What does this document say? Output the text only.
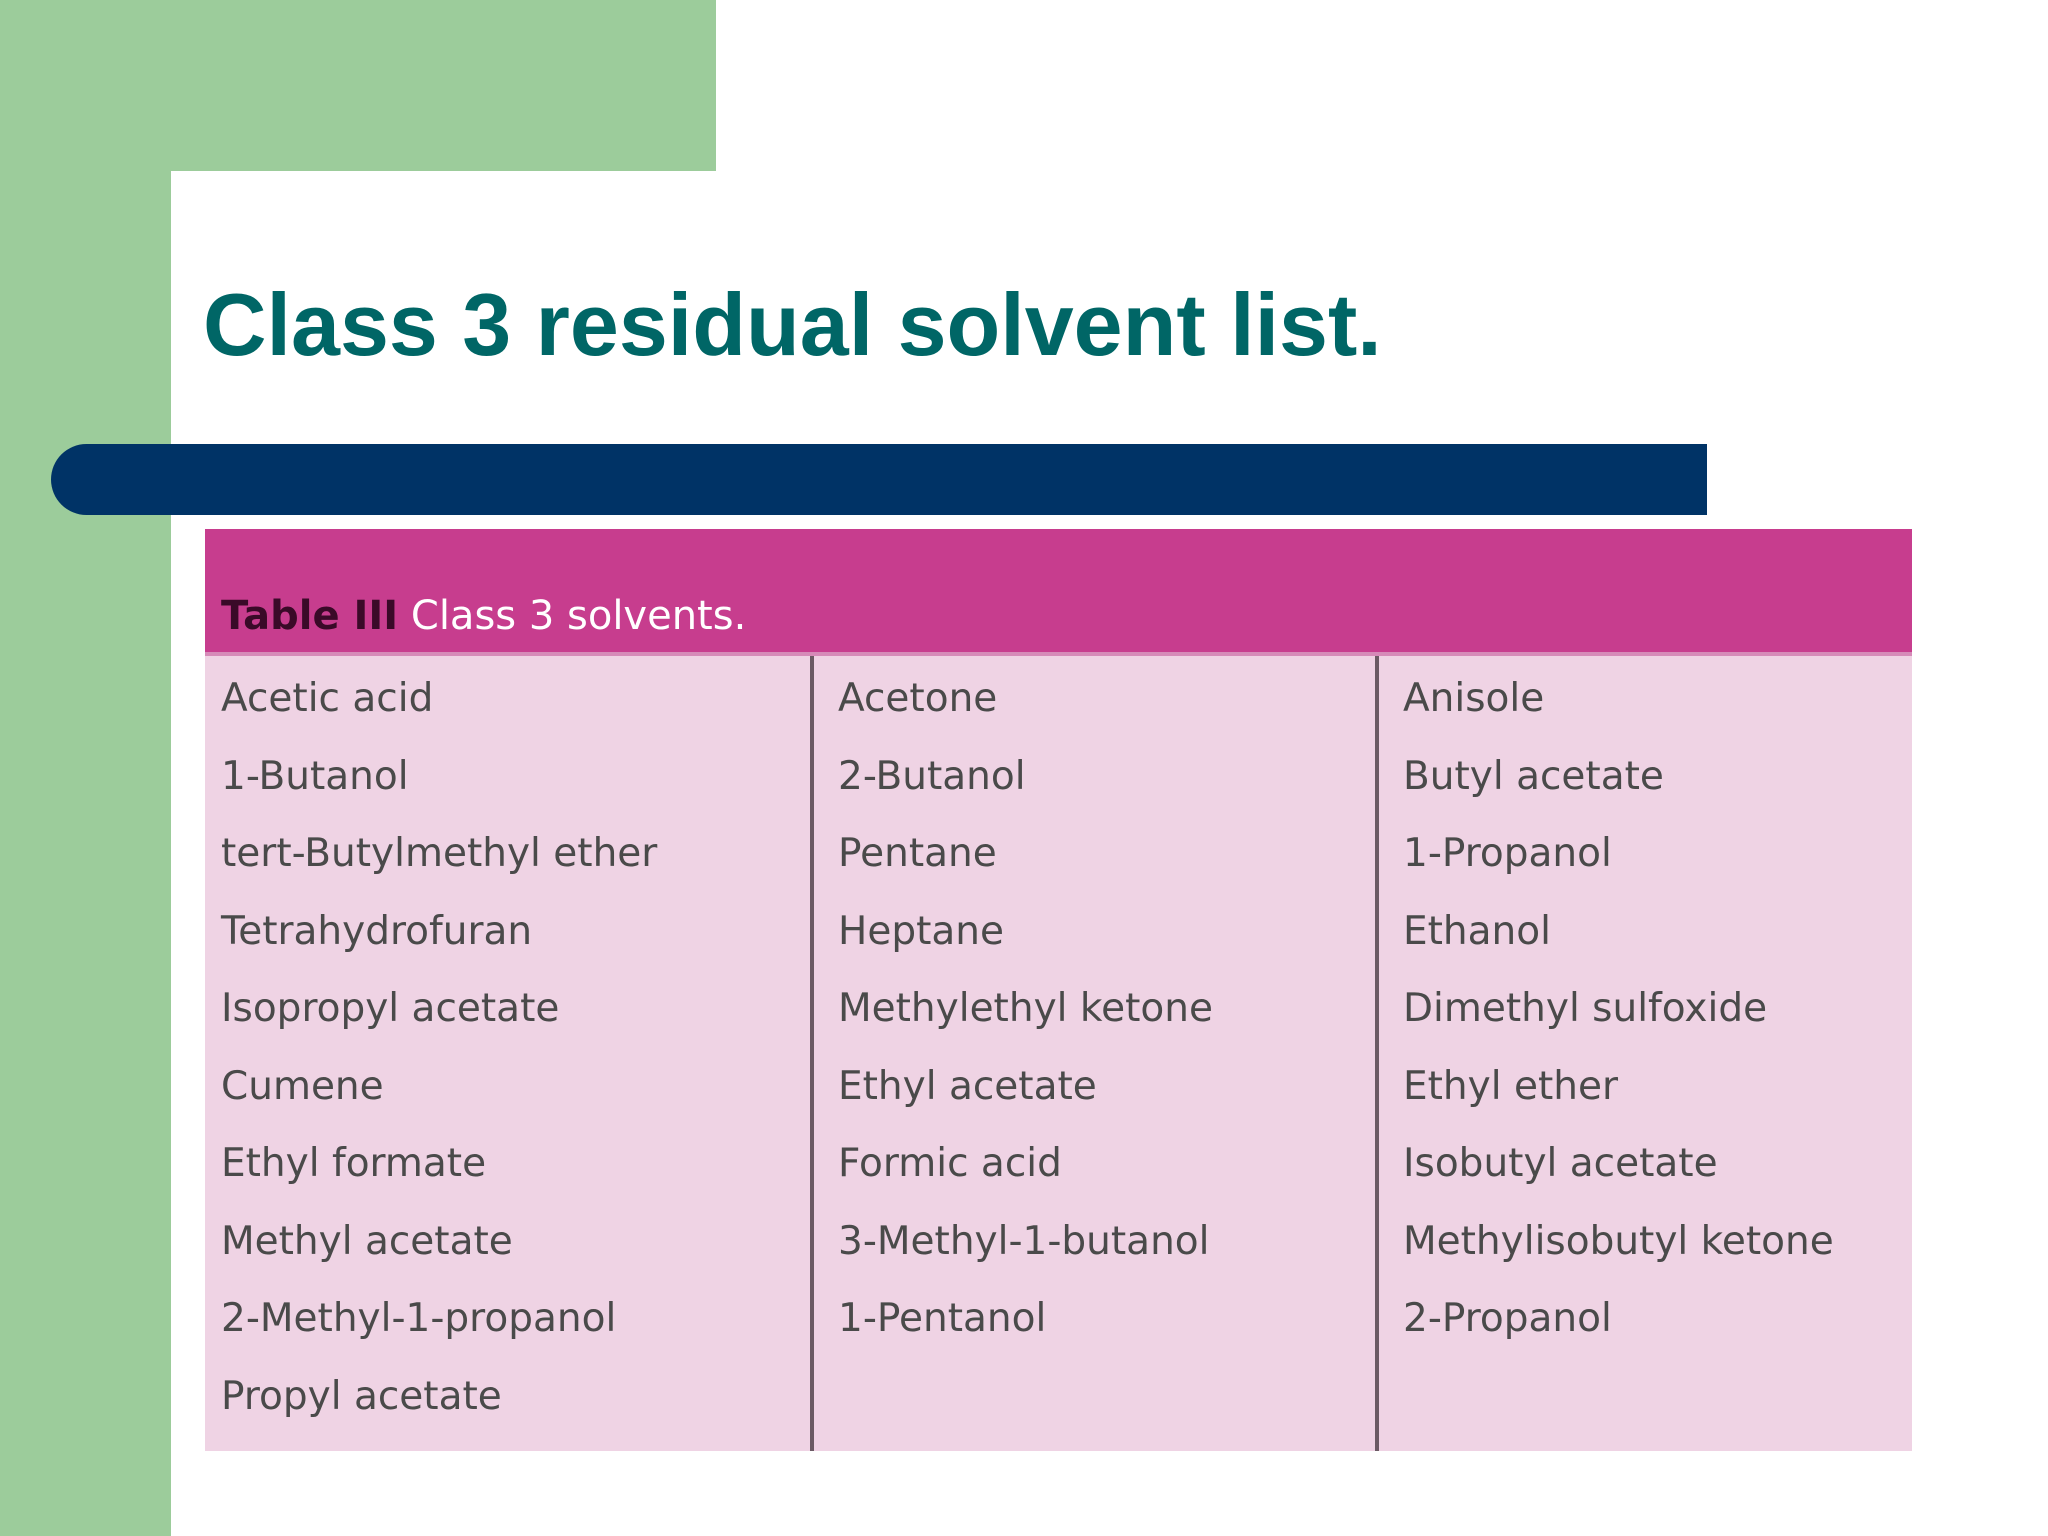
Class 3 residual solvent list.
Table III Class 3 solvents.
Acetic acid
1-Butanol
tert-Butylmethyl ether
Tetrahydrofuran
Isopropyl acetate
Cumene
Ethyl formate
Methyl acetate
2-Methyl-1-propanol
Propyl acetate
Acetone
2-Butanol
Pentane
Heptane
Methylethyl ketone
Ethyl acetate
Formic acid
3-Methyl-1-butanol
1-Pentanol
Anisole
Butyl acetate
1-Propanol
Ethanol
Dimethyl sulfoxide
Ethyl ether
Isobutyl acetate
Methylisobutyl ketone
2-Propanol
